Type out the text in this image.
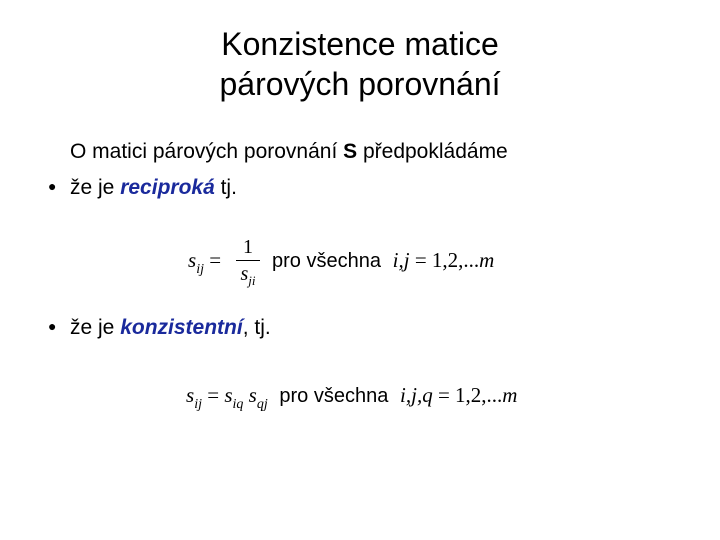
Konzistence matice
párových porovnání
O matici párových porovnání S předpokládáme
● že je reciproká tj.
$s_{ij}$ =
1
$s_{ji}$
pro všechna i,j = 1,2,...m
● že je konzistentní, tj.
$s_{ij} = s_{iq}$ $s_{qj}$ pro všechna i,j,q = 1,2,...m
